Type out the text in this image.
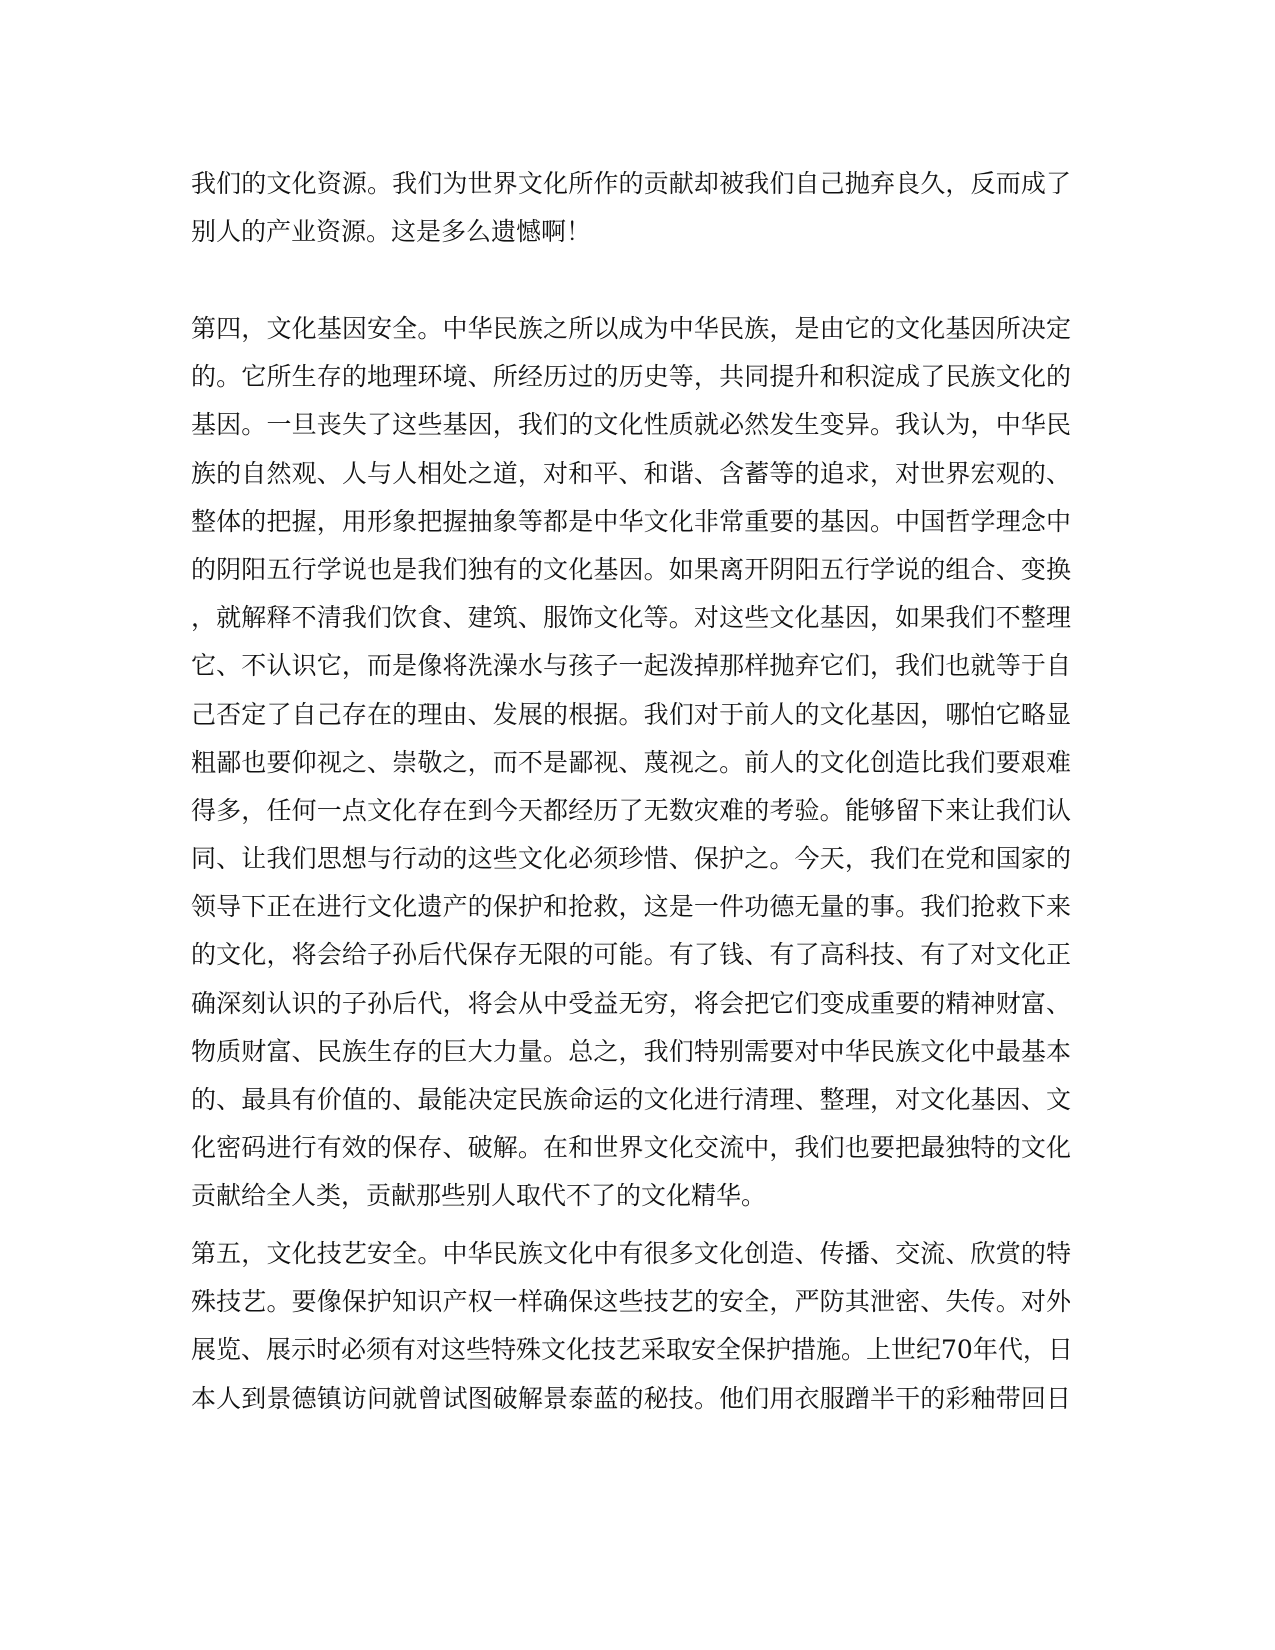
我们的文化资源。我们为世界文化所作的贡献却被我们自己抛弃良久，反而成了
别人的产业资源。这是多么遗憾啊！
第四，文化基因安全。中华民族之所以成为中华民族，是由它的文化基因所决定
的。它所生存的地理环境、所经历过的历史等，共同提升和积淀成了民族文化的
基因。一旦丧失了这些基因，我们的文化性质就必然发生变异。我认为，中华民
族的自然观、人与人相处之道，对和平、和谐、含蓄等的追求，对世界宏观的、
整体的把握，用形象把握抽象等都是中华文化非常重要的基因。中国哲学理念中
的阴阳五行学说也是我们独有的文化基因。如果离开阴阳五行学说的组合、变换
，就解释不清我们饮食、建筑、服饰文化等。对这些文化基因，如果我们不整理
它、不认识它，而是像将洗澡水与孩子一起泼掉那样抛弃它们，我们也就等于自
己否定了自己存在的理由、发展的根据。我们对于前人的文化基因，哪怕它略显
粗鄙也要仰视之、崇敬之，而不是鄙视、蔑视之。前人的文化创造比我们要艰难
得多，任何一点文化存在到今天都经历了无数灾难的考验。能够留下来让我们认
同、让我们思想与行动的这些文化必须珍惜、保护之。今天，我们在党和国家的
领导下正在进行文化遗产的保护和抢救，这是一件功德无量的事。我们抢救下来
的文化，将会给子孙后代保存无限的可能。有了钱、有了高科技、有了对文化正
确深刻认识的子孙后代，将会从中受益无穷，将会把它们变成重要的精神财富、
物质财富、民族生存的巨大力量。总之，我们特别需要对中华民族文化中最基本
的、最具有价值的、最能决定民族命运的文化进行清理、整理，对文化基因、文
化密码进行有效的保存、破解。在和世界文化交流中，我们也要把最独特的文化
贡献给全人类，贡献那些别人取代不了的文化精华。
第五，文化技艺安全。中华民族文化中有很多文化创造、传播、交流、欣赏的特
殊技艺。要像保护知识产权一样确保这些技艺的安全，严防其泄密、失传。对外
展览、展示时必须有对这些特殊文化技艺采取安全保护措施。上世纪70年代，日
本人到景德镇访问就曾试图破解景泰蓝的秘技。他们用衣服蹭半干的彩釉带回日
